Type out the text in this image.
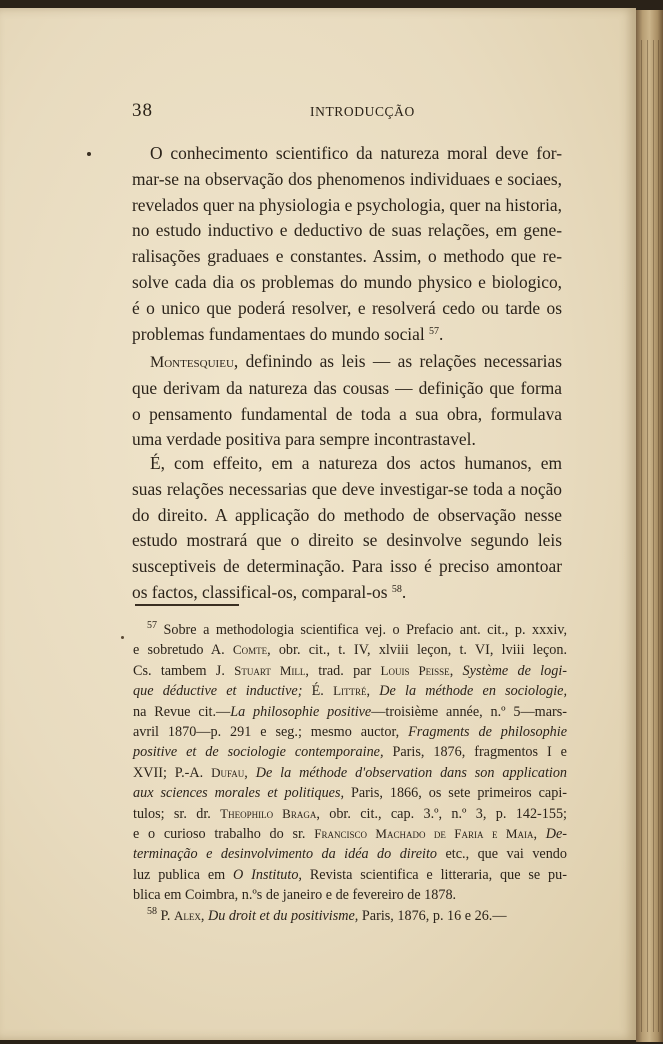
38	INTRODUCÇÃO

O conhecimento scientifico da natureza moral deve for-
mar-se na observação dos phenomenos individuaes e sociaes,
revelados quer na physiologia e psychologia, quer na historia,
no estudo inductivo e deductivo de suas relações, em gene-
ralisações graduaes e constantes. Assim, o methodo que re-
solve cada dia os problemas do mundo physico e biologico,
é o unico que poderá resolver, e resolverá cedo ou tarde os
problemas fundamentaes do mundo social $^{57}$.

Montesquieu, definindo as leis — as relações necessarias
que derivam da natureza das cousas — definição que forma
o pensamento fundamental de toda a sua obra, formulava
uma verdade positiva para sempre incontrastavel.

É, com effeito, em a natureza dos actos humanos, em
suas relações necessarias que deve investigar-se toda a noção
do direito. A applicação do methodo de observação nesse
estudo mostrará que o direito se desinvolve segundo leis
susceptiveis de determinação. Para isso é preciso amontoar
os factos, classifical-os, comparal-os $^{58}$.

$^{57}$ Sobre a methodologia scientifica vej. o Prefacio ant. cit., p. xxxiv,
e sobretudo A. Comte, obr. cit., t. IV, xlviii leçon, t. VI, lviii leçon.
Cs. tambem J. Stuart Mill, trad. par Louis Peisse, Système de logi-
que déductive et inductive; É. Littré, De la méthode en sociologie,
na Revue cit.—La philosophie positive—troisième année, n.º 5—mars-
avril 1870—p. 291 e seg.; mesmo auctor, Fragments de philosophie
positive et de sociologie contemporaine, Paris, 1876, fragmentos I e
XVII; P.-A. Dufau, De la méthode d'observation dans son application
aux sciences morales et politiques, Paris, 1866, os sete primeiros capi-
tulos; sr. dr. Theophilo Braga, obr. cit., cap. 3.º, n.º 3, p. 142-155;
e o curioso trabalho do sr. Francisco Machado de Faria e Maia, De-
terminação e desinvolvimento da idéa do direito etc., que vai vendo
luz publica em O Instituto, Revista scientifica e litteraria, que se pu-
blica em Coimbra, n.ºs de janeiro e de fevereiro de 1878.
$^{58}$ P. Alex, Du droit et du positivisme, Paris, 1876, p. 16 e 26.—
